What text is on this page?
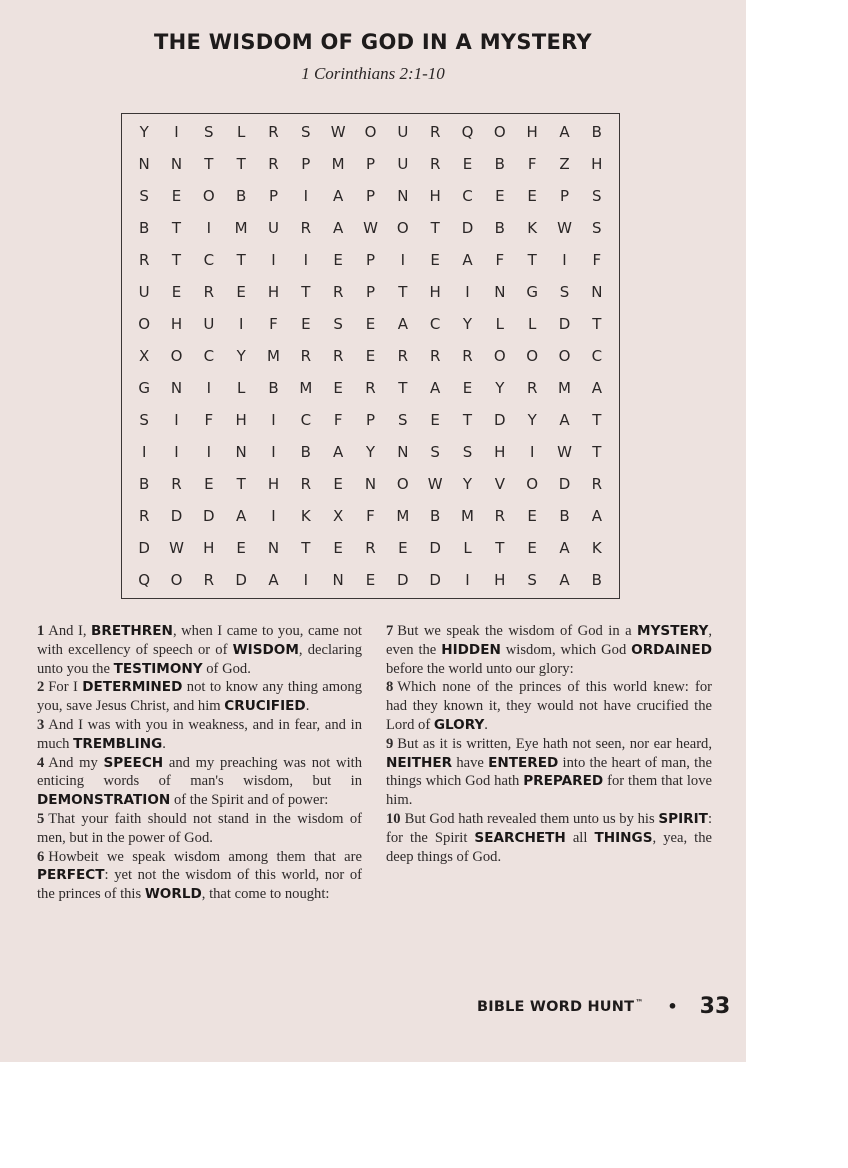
THE WISDOM OF GOD IN A MYSTERY
1 Corinthians 2:1-10
Y	I	S	L	R	S	W	O	U	R	Q	O	H	A	B
N	N	T	T	R	P	M	P	U	R	E	B	F	Z	H
S	E	O	B	P	I	A	P	N	H	C	E	E	P	S
B	T	I	M	U	R	A	W	O	T	D	B	K	W	S
R	T	C	T	I	I	E	P	I	E	A	F	T	I	F
U	E	R	E	H	T	R	P	T	H	I	N	G	S	N
O	H	U	I	F	E	S	E	A	C	Y	L	L	D	T
X	O	C	Y	M	R	R	E	R	R	R	O	O	O	C
G	N	I	L	B	M	E	R	T	A	E	Y	R	M	A
S	I	F	H	I	C	F	P	S	E	T	D	Y	A	T
I	I	I	N	I	B	A	Y	N	S	S	H	I	W	T
B	R	E	T	H	R	E	N	O	W	Y	V	O	D	R
R	D	D	A	I	K	X	F	M	B	M	R	E	B	A
D	W	H	E	N	T	E	R	E	D	L	T	E	A	K
Q	O	R	D	A	I	N	E	D	D	I	H	S	A	B

1 And I, BRETHREN, when I came to you, came not with excellency of speech or of WISDOM, declaring unto you the TESTIMONY of God.

2 For I DETERMINED not to know any thing among you, save Jesus Christ, and him CRUCIFIED.

3 And I was with you in weakness, and in fear, and in much TREMBLING.

4 And my SPEECH and my preaching was not with enticing words of man's wisdom, but in DEMONSTRATION of the Spirit and of power:

5 That your faith should not stand in the wisdom of men, but in the power of God.

6 Howbeit we speak wisdom among them that are PERFECT: yet not the wisdom of this world, nor of the princes of this WORLD, that come to nought:

7 But we speak the wisdom of God in a MYSTERY, even the HIDDEN wisdom, which God ORDAINED before the world unto our glory:

8 Which none of the princes of this world knew: for had they known it, they would not have crucified the Lord of GLORY.

9 But as it is written, Eye hath not seen, nor ear heard, NEITHER have ENTERED into the heart of man, the things which God hath PREPARED for them that love him.

10 But God hath revealed them unto us by his SPIRIT: for the Spirit SEARCHETH all THINGS, yea, the deep things of God.

BIBLE WORD HUNT™ • 33
